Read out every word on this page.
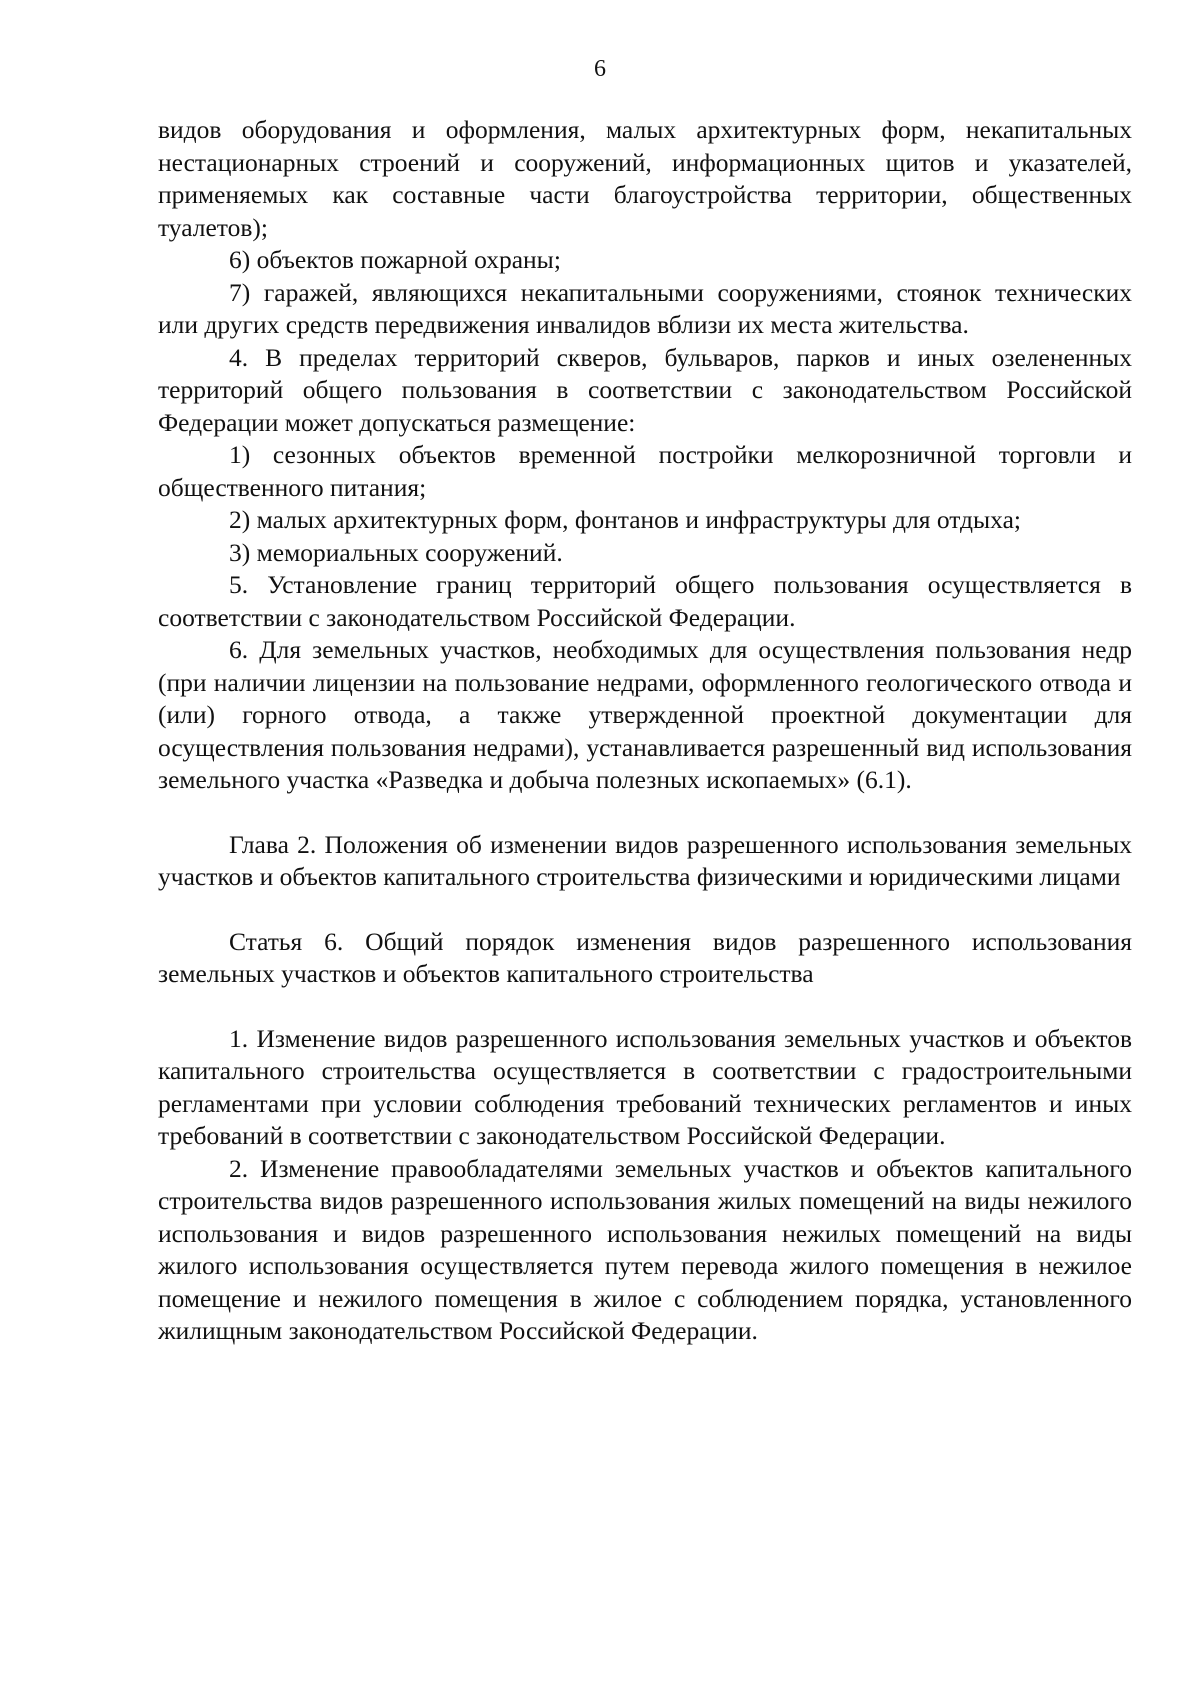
6

видов оборудования и оформления, малых архитектурных форм, некапитальных нестационарных строений и сооружений, информационных щитов и указателей, применяемых как составные части благоустройства территории, общественных туалетов);

6) объектов пожарной охраны;

7) гаражей, являющихся некапитальными сооружениями, стоянок технических или других средств передвижения инвалидов вблизи их места жительства.

4. В пределах территорий скверов, бульваров, парков и иных озелененных территорий общего пользования в соответствии с законодательством Российской Федерации может допускаться размещение:

1) сезонных объектов временной постройки мелкорозничной торговли и общественного питания;

2) малых архитектурных форм, фонтанов и инфраструктуры для отдыха;

3) мемориальных сооружений.

5. Установление границ территорий общего пользования осуществляется в соответствии с законодательством Российской Федерации.

6. Для земельных участков, необходимых для осуществления пользования недр (при наличии лицензии на пользование недрами, оформленного геологического отвода и (или) горного отвода, а также утвержденной проектной документации для осуществления пользования недрами), устанавливается разрешенный вид использования земельного участка «Разведка и добыча полезных ископаемых» (6.1).

Глава 2. Положения об изменении видов разрешенного использования земельных участков и объектов капитального строительства физическими и юридическими лицами

Статья 6. Общий порядок изменения видов разрешенного использования земельных участков и объектов капитального строительства

1. Изменение видов разрешенного использования земельных участков и объектов капитального строительства осуществляется в соответствии с градостроительными регламентами при условии соблюдения требований технических регламентов и иных требований в соответствии с законодательством Российской Федерации.

2. Изменение правообладателями земельных участков и объектов капитального строительства видов разрешенного использования жилых помещений на виды нежилого использования и видов разрешенного использования нежилых помещений на виды жилого использования осуществляется путем перевода жилого помещения в нежилое помещение и нежилого помещения в жилое с соблюдением порядка, установленного жилищным законодательством Российской Федерации.
